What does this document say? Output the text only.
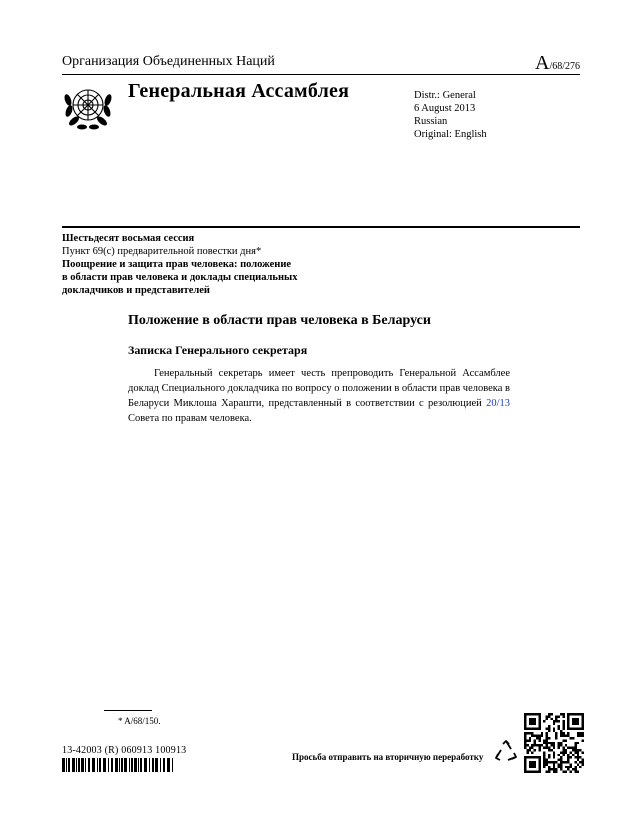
Организация Объединенных Наций	A/68/276
Генеральная Ассамблея	Distr.: General
6 August 2013
Russian
Original: English
Шестьдесят восьмая сессия
Пункт 69(c) предварительной повестки дня*
Поощрение и защита прав человека: положение
в области прав человека и доклады специальных
докладчиков и представителей
Положение в области прав человека в Беларуси
Записка Генерального секретаря
Генеральный секретарь имеет честь препроводить Генеральной Ассамблее доклад Специального докладчика по вопросу о положении в области прав человека в Беларуси Миклоша Харашти, представленный в соответствии с резолюцией 20/13 Совета по правам человека.
* A/68/150.
13-42003 (R) 060913 100913
Просьба отправить на вторичную переработку
